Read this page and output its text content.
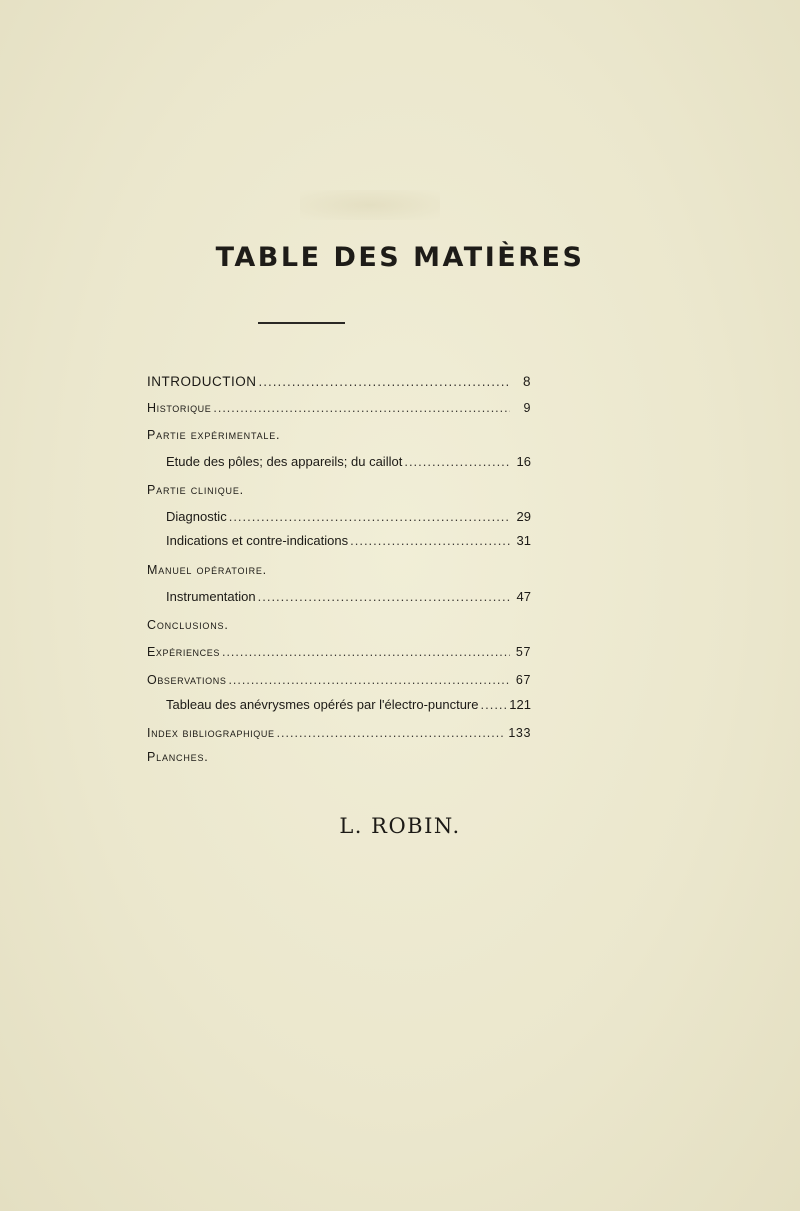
TABLE DES MATIÈRES
INTRODUCTION .....	8
Historique .....	9
Partie expérimentale.
Etude des pôles; des appareils; du caillot .....	16
Partie clinique.
Diagnostic .....	29
Indications et contre-indications .....	31
Manuel opératoire.
Instrumentation .....	47
Conclusions.
Expériences .....	57
Observations .....	67
Tableau des anévrysmes opérés par l'électro-puncture ..... 121
Index bibliographique .....	133
Planches.
L. ROBIN.
